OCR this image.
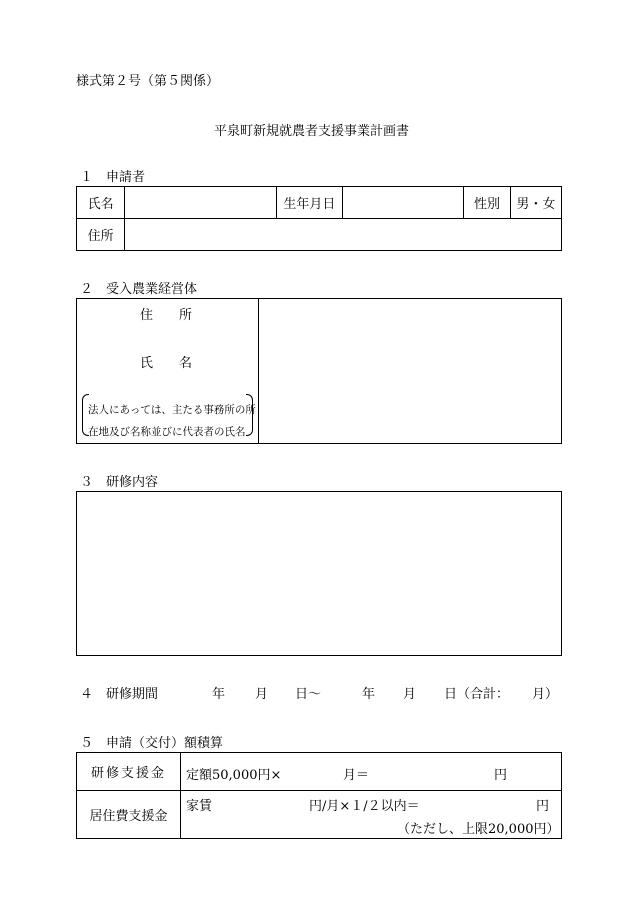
様式第２号（第５関係）
平泉町新規就農者支援事業計画書
１　申請者
氏名		生年月日		性別	男・女
住所					
２　受入農業経営体
住　　所
氏　　名
法人にあっては、主たる事務所の所
在地及び名称並びに代表者の氏名
３　研修内容
４　研修期間	年 月 日〜	年 月 日（合計： 月）
５　申請（交付）額積算
研修支援金	定額50,000円× 月＝ 円

居住費支援金	家賃 円/月×１/２以内＝ 円
（ただし、上限20,000円）
